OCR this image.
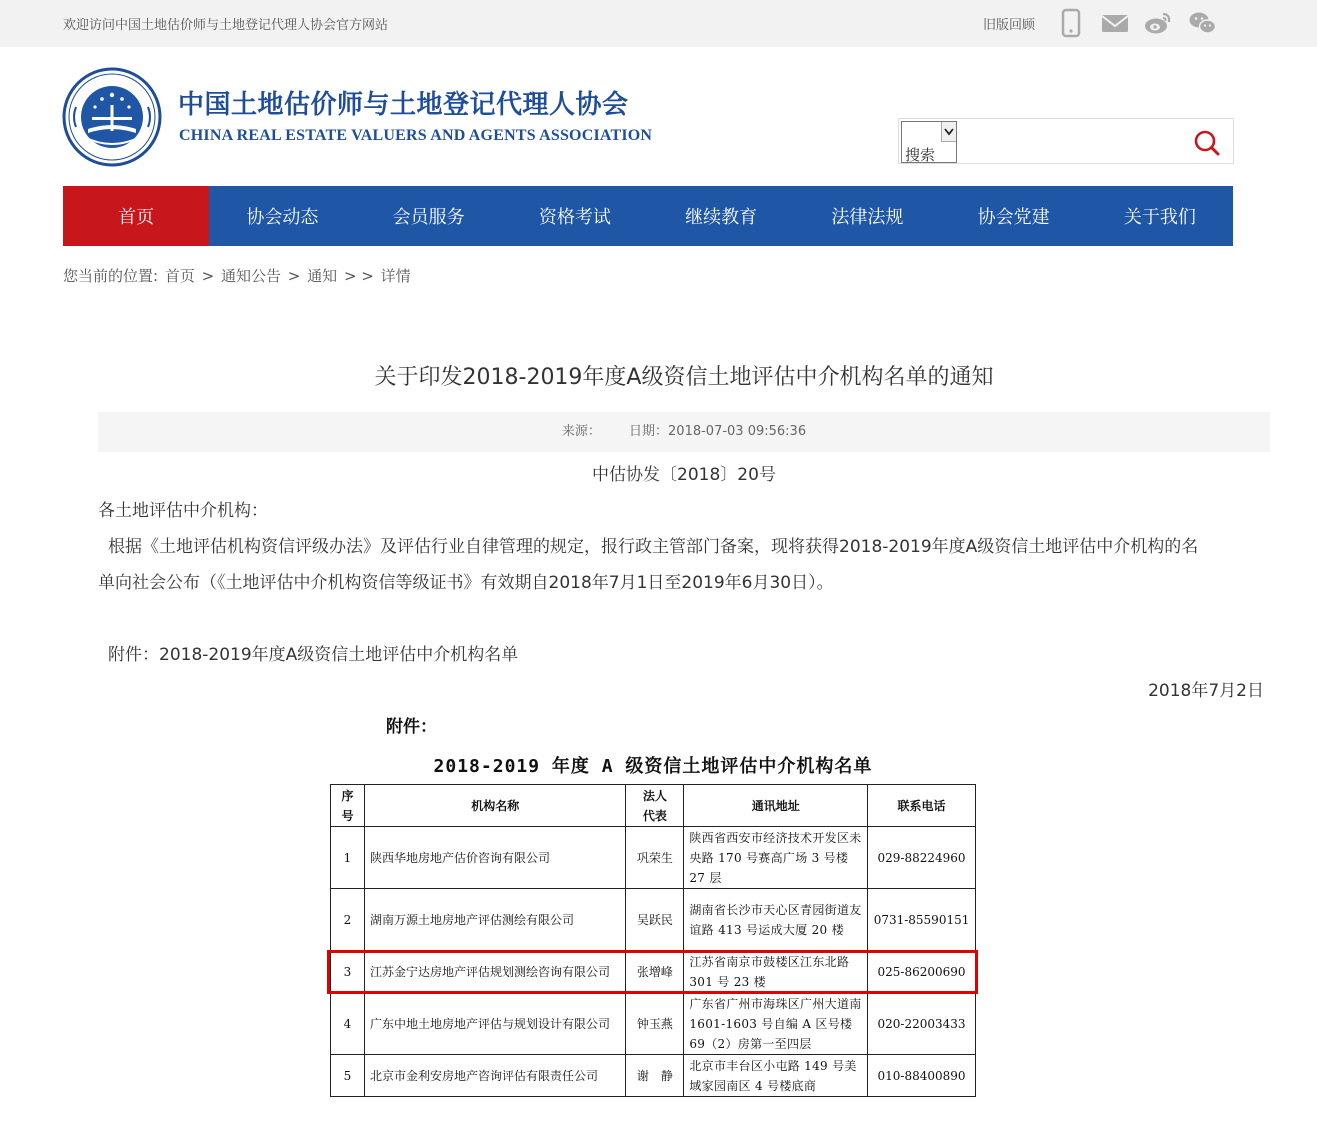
欢迎访问中国土地估价师与土地登记代理人协会官方网站	旧版回顾
中国土地估价师与土地登记代理人协会
CHINA REAL ESTATE VALUERS AND AGENTS ASSOCIATION
搜索
首页	协会动态	会员服务	资格考试	继续教育	法律法规	协会党建	关于我们
您当前的位置: 首页 > 通知公告 > 通知 > > 详情
关于印发2018-2019年度A级资信土地评估中介机构名单的通知
来源： 日期：2018-07-03 09:56:36
中估协发〔2018〕20号
各土地评估中介机构：
根据《土地评估机构资信评级办法》及评估行业自律管理的规定，报行政主管部门备案，现将获得2018-2019年度A级资信土地评估中介机构的名
单向社会公布（《土地评估中介机构资信等级证书》有效期自2018年7月1日至2019年6月30日）。
附件：2018-2019年度A级资信土地评估中介机构名单
2018年7月2日
附件：
2018-2019 年度 A 级资信土地评估中介机构名单
序
号	机构名称	法人
代表	通讯地址	联系电话
1	陕西华地房地产估价咨询有限公司	巩荣生	陕西省西安市经济技术开发区未央路 170 号赛高广场 3 号楼 27 层	029-88224960
2	湖南万源土地房地产评估测绘有限公司	吴跃民	湖南省长沙市天心区青园街道友谊路 413 号运成大厦 20 楼	0731-85590151
3	江苏金宁达房地产评估规划测绘咨询有限公司	张增峰	江苏省南京市鼓楼区江东北路 301 号 23 楼	025-86200690
4	广东中地土地房地产评估与规划设计有限公司	钟玉燕	广东省广州市海珠区广州大道南 1601-1603 号自编 A 区号楼 69（2）房第一至四层	020-22003433
5	北京市金利安房地产咨询评估有限责任公司	谢　静	北京市丰台区小屯路 149 号美域家园南区 4 号楼底商	010-88400890
